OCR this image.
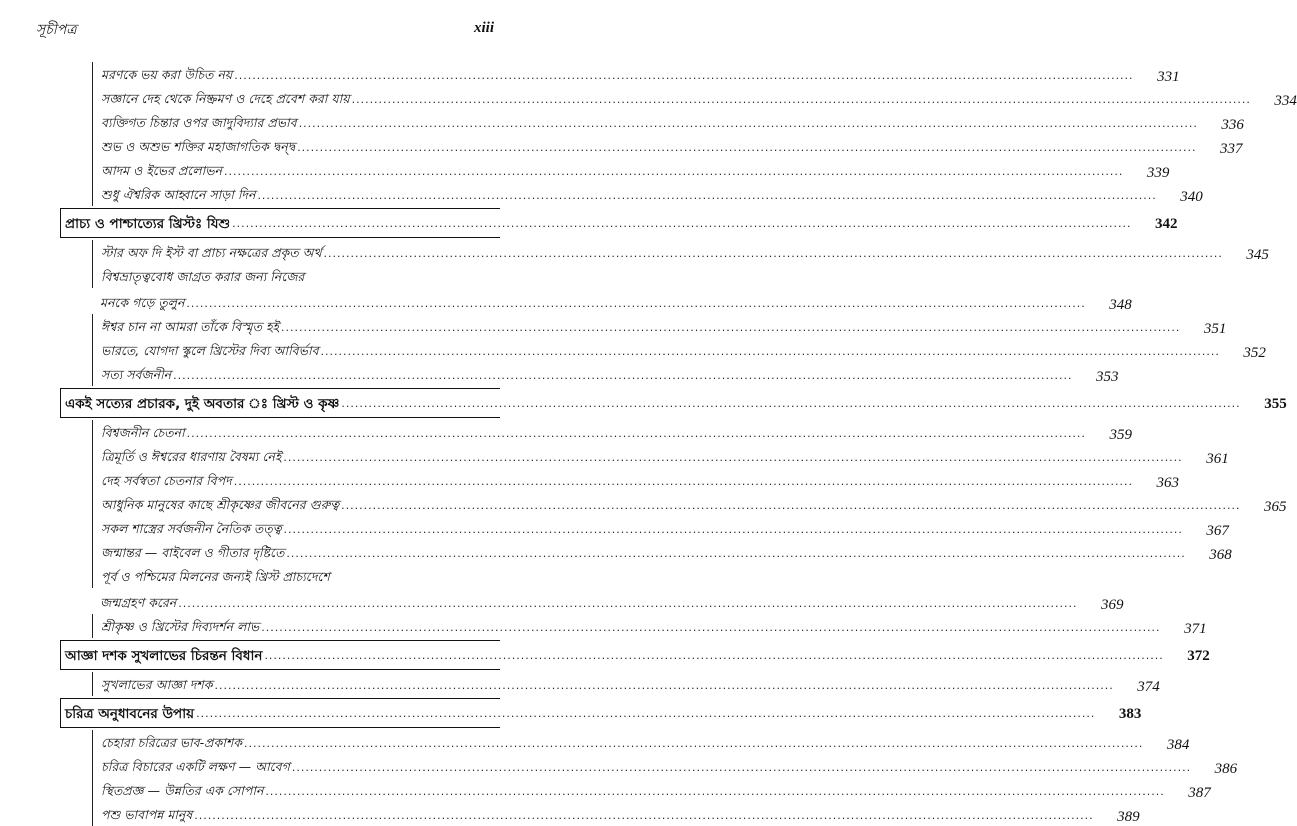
সূচীপত্র	xiii
মরণকে ভয় করা উচিত নয় ........................................................................................................................................................................................................	331
সজ্ঞানে দেহ থেকে নিষ্ক্রমণ ও দেহে প্রবেশ করা যায় ........................................................................................................................................................................................................	334
ব্যক্তিগত চিন্তার ওপর জাদুবিদ্যার প্রভাব ........................................................................................................................................................................................................	336
শুভ ও অশুভ শক্তির মহাজাগতিক দ্বন্দ্ব ........................................................................................................................................................................................................	337
আদম ও ইভের প্রলোভন ........................................................................................................................................................................................................	339
শুধু ঐশ্বরিক আহ্বানে সাড়া দিন ........................................................................................................................................................................................................	340
প্রাচ্য ও পাশ্চাত্যের খ্রিস্টঃ যিশু ........................................................................................................................................................................................................	342
স্টার অফ দি ইস্ট বা প্রাচ্য নক্ষত্রের প্রকৃত অর্থ ........................................................................................................................................................................................................	345
বিশ্বভ্রাতৃত্ববোধ জাগ্রত করার জন্য নিজের
মনকে গড়ে তুলুন ........................................................................................................................................................................................................	348
ঈশ্বর চান না আমরা তাঁকে বিস্মৃত হই ........................................................................................................................................................................................................	351
ভারতে, যোগদা স্কুলে খ্রিস্টের দিব্য আবির্ভাব ........................................................................................................................................................................................................	352
সত্য সর্বজনীন ........................................................................................................................................................................................................	353
একই সত্যের প্রচারক, দুই অবতার ঃ খ্রিস্ট ও কৃষ্ণ ........................................................................................................................................................................................................	355
বিশ্বজনীন চেতনা ........................................................................................................................................................................................................	359
ত্রিমূর্তি ও ঈশ্বরের ধারণায় বৈষম্য নেই ........................................................................................................................................................................................................	361
দেহ সর্বস্বতা চেতনার বিপদ ........................................................................................................................................................................................................	363
আধুনিক মানুষের কাছে শ্রীকৃষ্ণের জীবনের গুরুত্ব ........................................................................................................................................................................................................	365
সকল শাস্ত্রের সর্বজনীন নৈতিক তত্ত্ব ........................................................................................................................................................................................................	367
জন্মান্তর — বাইবেল ও গীতার দৃষ্টিতে ........................................................................................................................................................................................................	368
পূর্ব ও পশ্চিমের মিলনের জন্যই খ্রিস্ট প্রাচ্যদেশে
জন্মগ্রহণ করেন ........................................................................................................................................................................................................	369
শ্রীকৃষ্ণ ও খ্রিস্টের দিব্যদর্শন লাভ ........................................................................................................................................................................................................	371
আজ্ঞা দশক সুখলাভের চিরন্তন বিধান ........................................................................................................................................................................................................	372
সুখলাভের আজ্ঞা দশক ........................................................................................................................................................................................................	374
চরিত্র অনুধাবনের উপায় ........................................................................................................................................................................................................	383
চেহারা চরিত্রের ভাব-প্রকাশক ........................................................................................................................................................................................................	384
চরিত্র বিচারের একটি লক্ষণ — আবেগ ........................................................................................................................................................................................................	386
স্থিতপ্রজ্ঞ — উন্নতির এক সোপান ........................................................................................................................................................................................................	387
পশু ভাবাপন্ন মানুষ ........................................................................................................................................................................................................	389
